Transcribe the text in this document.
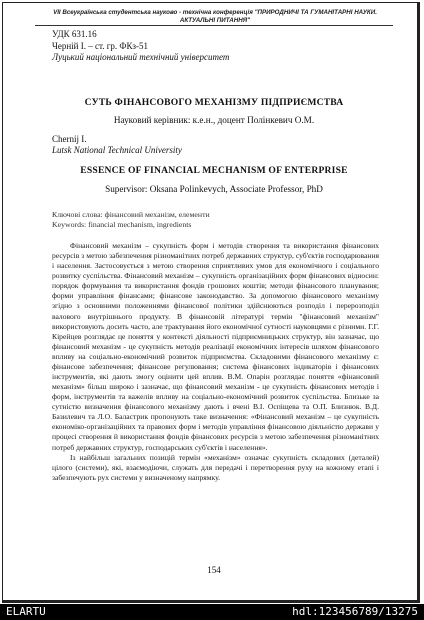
VII Всеукраїнська студентська науково - технічна конференція "ПРИРОДНИЧІ ТА ГУМАНІТАРНІ НАУКИ. АКТУАЛЬНІ ПИТАННЯ"
УДК 631.16
Черній І. – ст. гр. ФКз-51
Луцький національний технічний університет
СУТЬ ФІНАНСОВОГО МЕХАНІЗМУ ПІДПРИЄМСТВА
Науковий керівник: к.е.н., доцент Полінкевич О.М.
Chernij I.
Lutsk National Technical University
ESSENCE OF FINANCIAL MECHANISM OF ENTERPRISE
Supervisor: Oksana Polinkevych, Associate Professor, PhD
Ключові слова: фінансовий механізм, елементи
Keywords: financial mechanism, ingredients

Фінансовий механізм – сукупність форм і методів створення та використання фінансових ресурсів з метою забезпечення різноманітних потреб державних структур, суб'єктів господарювання і населення. Застосовується з метою створення сприятливих умов для економічного і соціального розвитку суспільства. Фінансовий механізм – сукупність організаційних форм фінансових відносин: порядок формування та використання фондів грошових коштів; методи фінансового планування; форми управління фінансами; фінансове законодавство. За допомогою фінансового механізму згідно з основними положеннями фінансової політики здійснюються розподіл і перерозподіл валового внутрішнього продукту. В фінансовій літературі термін "фінансовий механізм" використовують досить часто, але трактування його економічної сутності науковцями є різними. Г.Г. Кірейцев розглядає це поняття у контексті діяльності підприємницьких структур, він зазначає, що фінансовий механізм - це сукупність методів реалізації економічних інтересів шляхом фінансового впливу на соціально-економічний розвиток підприємства. Складовими фінансового механізму є: фінансове забезпечення; фінансове регулювання; система фінансових індикаторів і фінансових інструментів, які дають змогу оцінити цей вплив. В.М. Опарін розглядає поняття «фінансовий механізм» більш широко і зазначає, що фінансовий механізм - це сукупність фінансових методів і форм, інструментів та важелів впливу на соціально-економічний розвиток суспільства. Близьке за сутністю визначення фінансового механізму дають і вчені В.І. Оспіщева та О.П. Близнюк. В.Д. Базилевич та Л.О. Баластрик пропонують таке визначення: «Фінансовий механізм – це сукупність економіко-організаційних та правових форм і методів управління фінансовою діяльністю держави у процесі створення й використання фондів фінансових ресурсів з метою забезпечення різноманітних потреб державних структур, господарських суб'єктів і населення».

Із найбільш загальних позицій термін «механізм» означає сукупність складових (деталей) цілого (системи), які, взаємодіючи, служать для передачі і перетворення руху на кожному етапі і забезпечують рух системи у визначеному напрямку.

154
ELARTU	hdl:123456789/13275
